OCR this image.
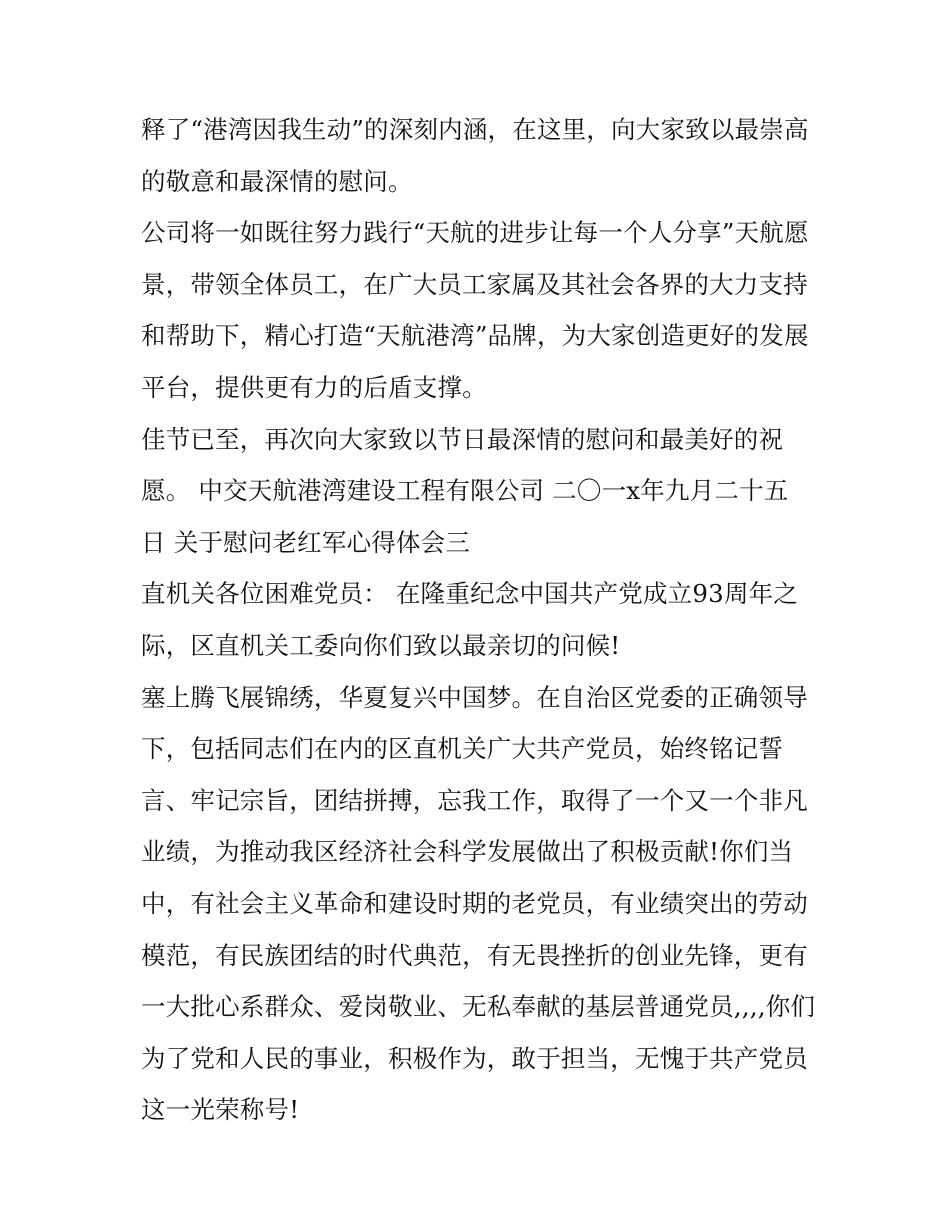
释了“港湾因我生动”的深刻内涵，在这里，向大家致以最崇高
的敬意和最深情的慰问。
公司将一如既往努力践行“天航的进步让每一个人分享”天航愿
景，带领全体员工，在广大员工家属及其社会各界的大力支持
和帮助下，精心打造“天航港湾”品牌，为大家创造更好的发展
平台，提供更有力的后盾支撑。
佳节已至，再次向大家致以节日最深情的慰问和最美好的祝
愿。 中交天航港湾建设工程有限公司 二〇一x年九月二十五
日 关于慰问老红军心得体会三
直机关各位困难党员： 在隆重纪念中国共产党成立93周年之
际，区直机关工委向你们致以最亲切的问候!
塞上腾飞展锦绣，华夏复兴中国梦。在自治区党委的正确领导
下，包括同志们在内的区直机关广大共产党员，始终铭记誓
言、牢记宗旨，团结拼搏，忘我工作，取得了一个又一个非凡
业绩，为推动我区经济社会科学发展做出了积极贡献!你们当
中，有社会主义革命和建设时期的老党员，有业绩突出的劳动
模范，有民族团结的时代典范，有无畏挫折的创业先锋，更有
一大批心系群众、爱岗敬业、无私奉献的基层普通党员,,,,你们
为了党和人民的事业，积极作为，敢于担当，无愧于共产党员
这一光荣称号!
